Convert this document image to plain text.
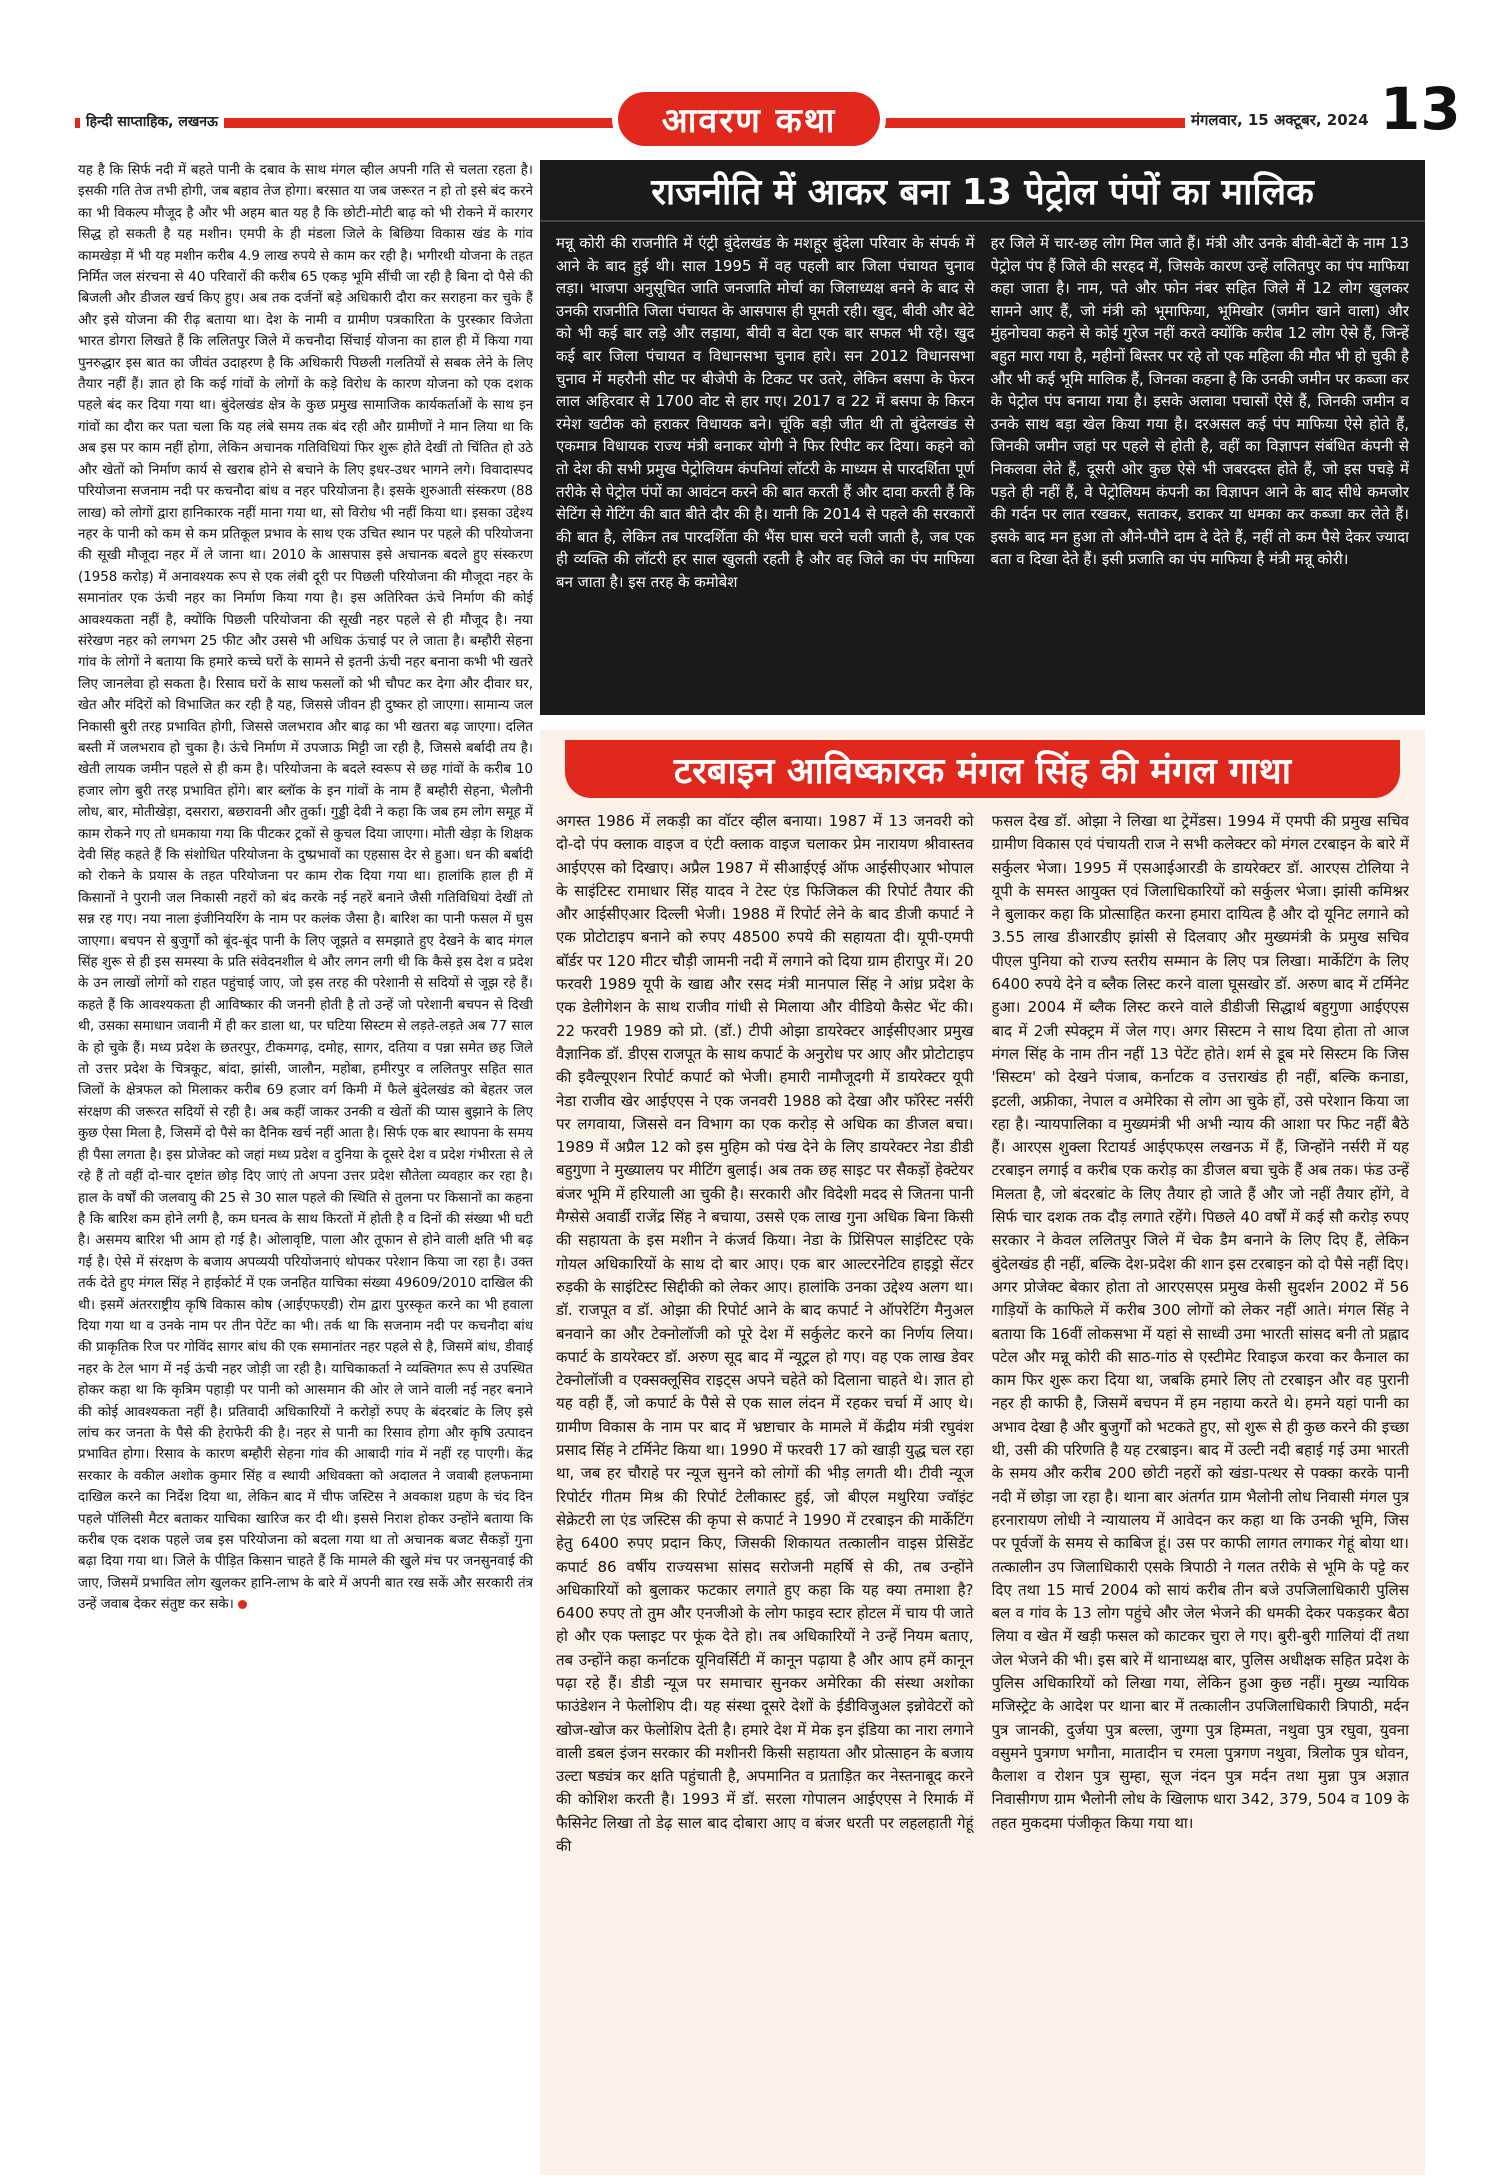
हिन्दी साप्ताहिक, लखनऊ	आवरण कथा	मंगलवार, 15 अक्टूबर, 2024 13

यह है कि सिर्फ नदी में बहते पानी के दबाव के साथ मंगल व्हील अपनी गति से चलता रहता है। इसकी गति तेज तभी होगी, जब बहाव तेज होगा। बरसात या जब जरूरत न हो तो इसे बंद करने का भी विकल्प मौजूद है और भी अहम बात यह है कि छोटी-मोटी बाढ़ को भी रोकने में कारगर सिद्ध हो सकती है यह मशीन। एमपी के ही मंडला जिले के बिछिया विकास खंड के गांव कामखेड़ा में भी यह मशीन करीब 4.9 लाख रुपये से काम कर रही है। भगीरथी योजना के तहत निर्मित जल संरचना से 40 परिवारों की करीब 65 एकड़ भूमि सींची जा रही है बिना दो पैसे की बिजली और डीजल खर्च किए हुए। अब तक दर्जनों बड़े अधिकारी दौरा कर सराहना कर चुके हैं और इसे योजना की रीढ़ बताया था। देश के नामी व ग्रामीण पत्रकारिता के पुरस्कार विजेता भारत डोगरा लिखते हैं कि ललितपुर जिले में कचनौदा सिंचाई योजना का हाल ही में किया गया पुनरुद्धार इस बात का जीवंत उदाहरण है कि अधिकारी पिछली गलतियों से सबक लेने के लिए तैयार नहीं हैं। ज्ञात हो कि कई गांवों के लोगों के कड़े विरोध के कारण योजना को एक दशक पहले बंद कर दिया गया था। बुंदेलखंड क्षेत्र के कुछ प्रमुख सामाजिक कार्यकर्ताओं के साथ इन गांवों का दौरा कर पता चला कि यह लंबे समय तक बंद रही और ग्रामीणों ने मान लिया था कि अब इस पर काम नहीं होगा, लेकिन अचानक गतिविधियां फिर शुरू होते देखीं तो चिंतित हो उठे और खेतों को निर्माण कार्य से खराब होने से बचाने के लिए इधर-उधर भागने लगे। विवादास्पद परियोजना सजनाम नदी पर कचनौदा बांध व नहर परियोजना है। इसके शुरुआती संस्करण (88 लाख) को लोगों द्वारा हानिकारक नहीं माना गया था, सो विरोध भी नहीं किया था। इसका उद्देश्य नहर के पानी को कम से कम प्रतिकूल प्रभाव के साथ एक उचित स्थान पर पहले की परियोजना की सूखी मौजूदा नहर में ले जाना था। 2010 के आसपास इसे अचानक बदले हुए संस्करण (1958 करोड़) में अनावश्यक रूप से एक लंबी दूरी पर पिछली परियोजना की मौजूदा नहर के समानांतर एक ऊंची नहर का निर्माण किया गया है। इस अतिरिक्त ऊंचे निर्माण की कोई आवश्यकता नहीं है, क्योंकि पिछली परियोजना की सूखी नहर पहले से ही मौजूद है। नया संरेखण नहर को लगभग 25 फीट और उससे भी अधिक ऊंचाई पर ले जाता है। बम्हौरी सेहना गांव के लोगों ने बताया कि हमारे कच्चे घरों के सामने से इतनी ऊंची नहर बनाना कभी भी खतरे लिए जानलेवा हो सकता है। रिसाव घरों के साथ फसलों को भी चौपट कर देगा और दीवार घर, खेत और मंदिरों को विभाजित कर रही है यह, जिससे जीवन ही दुष्कर हो जाएगा। सामान्य जल निकासी बुरी तरह प्रभावित होगी, जिससे जलभराव और बाढ़ का भी खतरा बढ़ जाएगा। दलित बस्ती में जलभराव हो चुका है। ऊंचे निर्माण में उपजाऊ मिट्टी जा रही है, जिससे बर्बादी तय है। खेती लायक जमीन पहले से ही कम है। परियोजना के बदले स्वरूप से छह गांवों के करीब 10 हजार लोग बुरी तरह प्रभावित होंगे। बार ब्लॉक के इन गांवों के नाम हैं बम्हौरी सेहना, भैलौनी लोध, बार, मोतीखेड़ा, दसरारा, बछरावनी और तुर्का। गुड्डी देवी ने कहा कि जब हम लोग समूह में काम रोकने गए तो धमकाया गया कि पीटकर ट्रकों से कुचल दिया जाएगा। मोती खेड़ा के शिक्षक देवी सिंह कहते हैं कि संशोधित परियोजना के दुष्प्रभावों का एहसास देर से हुआ। धन की बर्बादी को रोकने के प्रयास के तहत परियोजना पर काम रोक दिया गया था। हालांकि हाल ही में किसानों ने पुरानी जल निकासी नहरों को बंद करके नई नहरें बनाने जैसी गतिविधियां देखीं तो सन्न रह गए। नया नाला इंजीनियरिंग के नाम पर कलंक जैसा है। बारिश का पानी फसल में घुस जाएगा। बचपन से बुजुर्गों को बूंद-बूंद पानी के लिए जूझते व समझाते हुए देखने के बाद मंगल सिंह शुरू से ही इस समस्या के प्रति संवेदनशील थे और लगन लगी थी कि कैसे इस देश व प्रदेश के उन लाखों लोगों को राहत पहुंचाई जाए, जो इस तरह की परेशानी से सदियों से जूझ रहे हैं। कहते हैं कि आवश्यकता ही आविष्कार की जननी होती है तो उन्हें जो परेशानी बचपन से दिखी थी, उसका समाधान जवानी में ही कर डाला था, पर घटिया सिस्टम से लड़ते-लड़ते अब 77 साल के हो चुके हैं। मध्य प्रदेश के छतरपुर, टीकमगढ़, दमोह, सागर, दतिया व पन्ना समेत छह जिले तो उत्तर प्रदेश के चित्रकूट, बांदा, झांसी, जालौन, महोबा, हमीरपुर व ललितपुर सहित सात जिलों के क्षेत्रफल को मिलाकर करीब 69 हजार वर्ग किमी में फैले बुंदेलखंड को बेहतर जल संरक्षण की जरूरत सदियों से रही है। अब कहीं जाकर उनकी व खेतों की प्यास बुझाने के लिए कुछ ऐसा मिला है, जिसमें दो पैसे का दैनिक खर्च नहीं आता है। सिर्फ एक बार स्थापना के समय ही पैसा लगता है। इस प्रोजेक्ट को जहां मध्य प्रदेश व दुनिया के दूसरे देश व प्रदेश गंभीरता से ले रहे हैं तो वहीं दो-चार दृष्टांत छोड़ दिए जाएं तो अपना उत्तर प्रदेश सौतेला व्यवहार कर रहा है। हाल के वर्षों की जलवायु की 25 से 30 साल पहले की स्थिति से तुलना पर किसानों का कहना है कि बारिश कम होने लगी है, कम घनत्व के साथ किरतों में होती है व दिनों की संख्या भी घटी है। असमय बारिश भी आम हो गई है। ओलावृष्टि, पाला और तूफान से होने वाली क्षति भी बढ़ गई है। ऐसे में संरक्षण के बजाय अपव्ययी परियोजनाएं थोपकर परेशान किया जा रहा है। उक्त तर्क देते हुए मंगल सिंह ने हाईकोर्ट में एक जनहित याचिका संख्या 49609/2010 दाखिल की थी। इसमें अंतरराष्ट्रीय कृषि विकास कोष (आईएफएडी) रोम द्वारा पुरस्कृत करने का भी हवाला दिया गया था व उनके नाम पर तीन पेटेंट का भी। तर्क था कि सजनाम नदी पर कचनौदा बांध की प्राकृतिक रिज पर गोविंद सागर बांध की एक समानांतर नहर पहले से है, जिसमें बांध, डीवाई नहर के टेल भाग में नई ऊंची नहर जोड़ी जा रही है। याचिकाकर्ता ने व्यक्तिगत रूप से उपस्थित होकर कहा था कि कृत्रिम पहाड़ी पर पानी को आसमान की ओर ले जाने वाली नई नहर बनाने की कोई आवश्यकता नहीं है। प्रतिवादी अधिकारियों ने करोड़ों रुपए के बंदरबांट के लिए इसे लांच कर जनता के पैसे की हेराफेरी की है। नहर से पानी का रिसाव होगा और कृषि उत्पादन प्रभावित होगा। रिसाव के कारण बम्हौरी सेहना गांव की आबादी गांव में नहीं रह पाएगी। केंद्र सरकार के वकील अशोक कुमार सिंह व स्थायी अधिवक्ता को अदालत ने जवाबी हलफनामा दाखिल करने का निर्देश दिया था, लेकिन बाद में चीफ जस्टिस ने अवकाश ग्रहण के चंद दिन पहले पॉलिसी मैटर बताकर याचिका खारिज कर दी थी। इससे निराश होकर उन्होंने बताया कि करीब एक दशक पहले जब इस परियोजना को बदला गया था तो अचानक बजट सैकड़ों गुना बढ़ा दिया गया था। जिले के पीड़ित किसान चाहते हैं कि मामले की खुले मंच पर जनसुनवाई की जाए, जिसमें प्रभावित लोग खुलकर हानि-लाभ के बारे में अपनी बात रख सकें और सरकारी तंत्र उन्हें जवाब देकर संतुष्ट कर सके।

राजनीति में आकर बना 13 पेट्रोल पंपों का मालिक

मन्नू कोरी की राजनीति में एंट्री बुंदेलखंड के मशहूर बुंदेला परिवार के संपर्क में आने के बाद हुई थी। साल 1995 में वह पहली बार जिला पंचायत चुनाव लड़ा। भाजपा अनुसूचित जाति जनजाति मोर्चा का जिलाध्यक्ष बनने के बाद से उनकी राजनीति जिला पंचायत के आसपास ही घूमती रही। खुद, बीवी और बेटे को भी कई बार लड़े और लड़ाया, बीवी व बेटा एक बार सफल भी रहे। खुद कई बार जिला पंचायत व विधानसभा चुनाव हारे। सन 2012 विधानसभा चुनाव में महरौनी सीट पर बीजेपी के टिकट पर उतरे, लेकिन बसपा के फेरन लाल अहिरवार से 1700 वोट से हार गए। 2017 व 22 में बसपा के किरन रमेश खटीक को हराकर विधायक बने। चूंकि बड़ी जीत थी तो बुंदेलखंड से एकमात्र विधायक राज्य मंत्री बनाकर योगी ने फिर रिपीट कर दिया। कहने को तो देश की सभी प्रमुख पेट्रोलियम कंपनियां लॉटरी के माध्यम से पारदर्शिता पूर्ण तरीके से पेट्रोल पंपों का आवंटन करने की बात करती हैं और दावा करती हैं कि सेटिंग से गेटिंग की बात बीते दौर की है। यानी कि 2014 से पहले की सरकारों की बात है, लेकिन तब पारदर्शिता की भैंस घास चरने चली जाती है, जब एक ही व्यक्ति की लॉटरी हर साल खुलती रहती है और वह जिले का पंप माफिया बन जाता है। इस तरह के कमोबेश

हर जिले में चार-छह लोग मिल जाते हैं। मंत्री और उनके बीवी-बेटों के नाम 13 पेट्रोल पंप हैं जिले की सरहद में, जिसके कारण उन्हें ललितपुर का पंप माफिया कहा जाता है। नाम, पते और फोन नंबर सहित जिले में 12 लोग खुलकर सामने आए हैं, जो मंत्री को भूमाफिया, भूमिखोर (जमीन खाने वाला) और मुंहनोचवा कहने से कोई गुरेज नहीं करते क्योंकि करीब 12 लोग ऐसे हैं, जिन्हें बहुत मारा गया है, महीनों बिस्तर पर रहे तो एक महिला की मौत भी हो चुकी है और भी कई भूमि मालिक हैं, जिनका कहना है कि उनकी जमीन पर कब्जा कर के पेट्रोल पंप बनाया गया है। इसके अलावा पचासों ऐसे हैं, जिनकी जमीन व उनके साथ बड़ा खेल किया गया है। दरअसल कई पंप माफिया ऐसे होते हैं, जिनकी जमीन जहां पर पहले से होती है, वहीं का विज्ञापन संबंधित कंपनी से निकलवा लेते हैं, दूसरी ओर कुछ ऐसे भी जबरदस्त होते हैं, जो इस पचड़े में पड़ते ही नहीं हैं, वे पेट्रोलियम कंपनी का विज्ञापन आने के बाद सीधे कमजोर की गर्दन पर लात रखकर, सताकर, डराकर या धमका कर कब्जा कर लेते हैं। इसके बाद मन हुआ तो औने-पौने दाम दे देते हैं, नहीं तो कम पैसे देकर ज्यादा बता व दिखा देते हैं। इसी प्रजाति का पंप माफिया है मंत्री मन्नू कोरी।

टरबाइन आविष्कारक मंगल सिंह की मंगल गाथा

अगस्त 1986 में लकड़ी का वॉटर व्हील बनाया। 1987 में 13 जनवरी को दो-दो पंप क्लाक वाइज व एंटी क्लाक वाइज चलाकर प्रेम नारायण श्रीवास्तव आईएएस को दिखाए। अप्रैल 1987 में सीआईएई ऑफ आईसीएआर भोपाल के साइंटिस्ट रामाधार सिंह यादव ने टेस्ट एंड फिजिकल की रिपोर्ट तैयार की और आईसीएआर दिल्ली भेजी। 1988 में रिपोर्ट लेने के बाद डीजी कपार्ट ने एक प्रोटोटाइप बनाने को रुपए 48500 रुपये की सहायता दी। यूपी-एमपी बॉर्डर पर 120 मीटर चौड़ी जामनी नदी में लगाने को दिया ग्राम हीरापुर में। 20 फरवरी 1989 यूपी के खाद्य और रसद मंत्री मानपाल सिंह ने आंध्र प्रदेश के एक डेलीगेशन के साथ राजीव गांधी से मिलाया और वीडियो कैसेट भेंट की। 22 फरवरी 1989 को प्रो. (डॉ.) टीपी ओझा डायरेक्टर आईसीएआर प्रमुख वैज्ञानिक डॉ. डीएस राजपूत के साथ कपार्ट के अनुरोध पर आए और प्रोटोटाइप की इवैल्यूएशन रिपोर्ट कपार्ट को भेजी। हमारी नामौजूदगी में डायरेक्टर यूपी नेडा राजीव खेर आईएएस ने एक जनवरी 1988 को देखा और फॉरेस्ट नर्सरी पर लगवाया, जिससे वन विभाग का एक करोड़ से अधिक का डीजल बचा। 1989 में अप्रैल 12 को इस मुहिम को पंख देने के लिए डायरेक्टर नेडा डीडी बहुगुणा ने मुख्यालय पर मीटिंग बुलाई। अब तक छह साइट पर सैकड़ों हेक्टेयर बंजर भूमि में हरियाली आ चुकी है। सरकारी और विदेशी मदद से जितना पानी मैग्सेसे अवार्डी राजेंद्र सिंह ने बचाया, उससे एक लाख गुना अधिक बिना किसी की सहायता के इस मशीन ने कंजर्व किया। नेडा के प्रिंसिपल साइंटिस्ट एके गोयल अधिकारियों के साथ दो बार आए। एक बार आल्टरनेटिव हाइड्रो सेंटर रुड़की के साइंटिस्ट सिद्दीकी को लेकर आए। हालांकि उनका उद्देश्य अलग था। डॉ. राजपूत व डॉ. ओझा की रिपोर्ट आने के बाद कपार्ट ने ऑपरेटिंग मैनुअल बनवाने का और टेक्नोलॉजी को पूरे देश में सर्कुलेट करने का निर्णय लिया। कपार्ट के डायरेक्टर डॉ. अरुण सूद बाद में न्यूट्रल हो गए। वह एक लाख डेवर टेक्नोलॉजी व एक्सक्लूसिव राइट्स अपने चहेते को दिलाना चाहते थे। ज्ञात हो यह वही हैं, जो कपार्ट के पैसे से एक साल लंदन में रहकर चर्चा में आए थे। ग्रामीण विकास के नाम पर बाद में भ्रष्टाचार के मामले में केंद्रीय मंत्री रघुवंश प्रसाद सिंह ने टर्मिनेट किया था। 1990 में फरवरी 17 को खाड़ी युद्ध चल रहा था, जब हर चौराहे पर न्यूज सुनने को लोगों की भीड़ लगती थी। टीवी न्यूज रिपोर्टर गीतम मिश्र की रिपोर्ट टेलीकास्ट हुई, जो बीएल मथुरिया ज्वॉइंट सेक्रेटरी ला एंड जस्टिस की कृपा से कपार्ट ने 1990 में टरबाइन की मार्केटिंग हेतु 6400 रुपए प्रदान किए, जिसकी शिकायत तत्कालीन वाइस प्रेसिडेंट कपार्ट 86 वर्षीय राज्यसभा सांसद सरोजनी महर्षि से की, तब उन्होंने अधिकारियों को बुलाकर फटकार लगाते हुए कहा कि यह क्या तमाशा है? 6400 रुपए तो तुम और एनजीओ के लोग फाइव स्टार होटल में चाय पी जाते हो और एक फ्लाइट पर फूंक देते हो। तब अधिकारियों ने उन्हें नियम बताए, तब उन्होंने कहा कर्नाटक यूनिवर्सिटी में कानून पढ़ाया है और आप हमें कानून पढ़ा रहे हैं। डीडी न्यूज पर समाचार सुनकर अमेरिका की संस्था अशोका फाउंडेशन ने फेलोशिप दी। यह संस्था दूसरे देशों के ईडीविजुअल इन्नोवेटरों को खोज-खोज कर फेलोशिप देती है। हमारे देश में मेक इन इंडिया का नारा लगाने वाली डबल इंजन सरकार की मशीनरी किसी सहायता और प्रोत्साहन के बजाय उल्टा षड्यंत्र कर क्षति पहुंचाती है, अपमानित व प्रताड़ित कर नेस्तनाबूद करने की कोशिश करती है। 1993 में डॉ. सरला गोपालन आईएएस ने रिमार्क में फैसिनेट लिखा तो डेढ़ साल बाद दोबारा आए व बंजर धरती पर लहलहाती गेहूं की

फसल देख डॉ. ओझा ने लिखा था ट्रेमेंडस। 1994 में एमपी की प्रमुख सचिव ग्रामीण विकास एवं पंचायती राज ने सभी कलेक्टर को मंगल टरबाइन के बारे में सर्कुलर भेजा। 1995 में एसआईआरडी के डायरेक्टर डॉ. आरएस टोलिया ने यूपी के समस्त आयुक्त एवं जिलाधिकारियों को सर्कुलर भेजा। झांसी कमिश्नर ने बुलाकर कहा कि प्रोत्साहित करना हमारा दायित्व है और दो यूनिट लगाने को 3.55 लाख डीआरडीए झांसी से दिलवाए और मुख्यमंत्री के प्रमुख सचिव पीएल पुनिया को राज्य स्तरीय सम्मान के लिए पत्र लिखा। मार्केटिंग के लिए 6400 रुपये देने व ब्लैक लिस्ट करने वाला घूसखोर डॉ. अरुण बाद में टर्मिनेट हुआ। 2004 में ब्लैक लिस्ट करने वाले डीडीजी सिद्धार्थ बहुगुणा आईएएस बाद में 2जी स्पेक्ट्रम में जेल गए। अगर सिस्टम ने साथ दिया होता तो आज मंगल सिंह के नाम तीन नहीं 13 पेटेंट होते। शर्म से डूब मरे सिस्टम कि जिस 'सिस्टम' को देखने पंजाब, कर्नाटक व उत्तराखंड ही नहीं, बल्कि कनाडा, इटली, अफ्रीका, नेपाल व अमेरिका से लोग आ चुके हों, उसे परेशान किया जा रहा है। न्यायपालिका व मुख्यमंत्री भी अभी न्याय की आशा पर फिट नहीं बैठे हैं। आरएस शुक्ला रिटायर्ड आईएफएस लखनऊ में हैं, जिन्होंने नर्सरी में यह टरबाइन लगाई व करीब एक करोड़ का डीजल बचा चुके हैं अब तक। फंड उन्हें मिलता है, जो बंदरबांट के लिए तैयार हो जाते हैं और जो नहीं तैयार होंगे, वे सिर्फ चार दशक तक दौड़ लगाते रहेंगे। पिछले 40 वर्षों में कई सौ करोड़ रुपए सरकार ने केवल ललितपुर जिले में चेक डैम बनाने के लिए दिए हैं, लेकिन बुंदेलखंड ही नहीं, बल्कि देश-प्रदेश की शान इस टरबाइन को दो पैसे नहीं दिए। अगर प्रोजेक्ट बेकार होता तो आरएसएस प्रमुख केसी सुदर्शन 2002 में 56 गाड़ियों के काफिले में करीब 300 लोगों को लेकर नहीं आते। मंगल सिंह ने बताया कि 16वीं लोकसभा में यहां से साध्वी उमा भारती सांसद बनी तो प्रह्लाद पटेल और मन्नू कोरी की साठ-गांठ से एस्टीमेट रिवाइज करवा कर कैनाल का काम फिर शुरू करा दिया था, जबकि हमारे लिए तो टरबाइन और वह पुरानी नहर ही काफी है, जिसमें बचपन में हम नहाया करते थे। हमने यहां पानी का अभाव देखा है और बुजुर्गों को भटकते हुए, सो शुरू से ही कुछ करने की इच्छा थी, उसी की परिणति है यह टरबाइन। बाद में उल्टी नदी बहाई गई उमा भारती के समय और करीब 200 छोटी नहरों को खंडा-पत्थर से पक्का करके पानी नदी में छोड़ा जा रहा है। थाना बार अंतर्गत ग्राम भैलोनी लोध निवासी मंगल पुत्र हरनारायण लोधी ने न्यायालय में आवेदन कर कहा था कि उनकी भूमि, जिस पर पूर्वजों के समय से काबिज हूं। उस पर काफी लागत लगाकर गेहूं बोया था। तत्कालीन उप जिलाधिकारी एसके त्रिपाठी ने गलत तरीके से भूमि के पट्टे कर दिए तथा 15 मार्च 2004 को सायं करीब तीन बजे उपजिलाधिकारी पुलिस बल व गांव के 13 लोग पहुंचे और जेल भेजने की धमकी देकर पकड़कर बैठा लिया व खेत में खड़ी फसल को काटकर चुरा ले गए। बुरी-बुरी गालियां दीं तथा जेल भेजने की भी। इस बारे में थानाध्यक्ष बार, पुलिस अधीक्षक सहित प्रदेश के पुलिस अधिकारियों को लिखा गया, लेकिन हुआ कुछ नहीं। मुख्य न्यायिक मजिस्ट्रेट के आदेश पर थाना बार में तत्कालीन उपजिलाधिकारी त्रिपाठी, मर्दन पुत्र जानकी, दुर्जया पुत्र बल्ला, जुग्गा पुत्र हिम्मता, नथुवा पुत्र रघुवा, युवना वसुमने पुत्रगण भगौना, मातादीन च रमला पुत्रगण नथुवा, त्रिलोक पुत्र धोवन, कैलाश व रोशन पुत्र सुम्हा, सूज नंदन पुत्र मर्दन तथा मुन्ना पुत्र अज्ञात निवासीगण ग्राम भैलोनी लोध के खिलाफ धारा 342, 379, 504 व 109 के तहत मुकदमा पंजीकृत किया गया था।
